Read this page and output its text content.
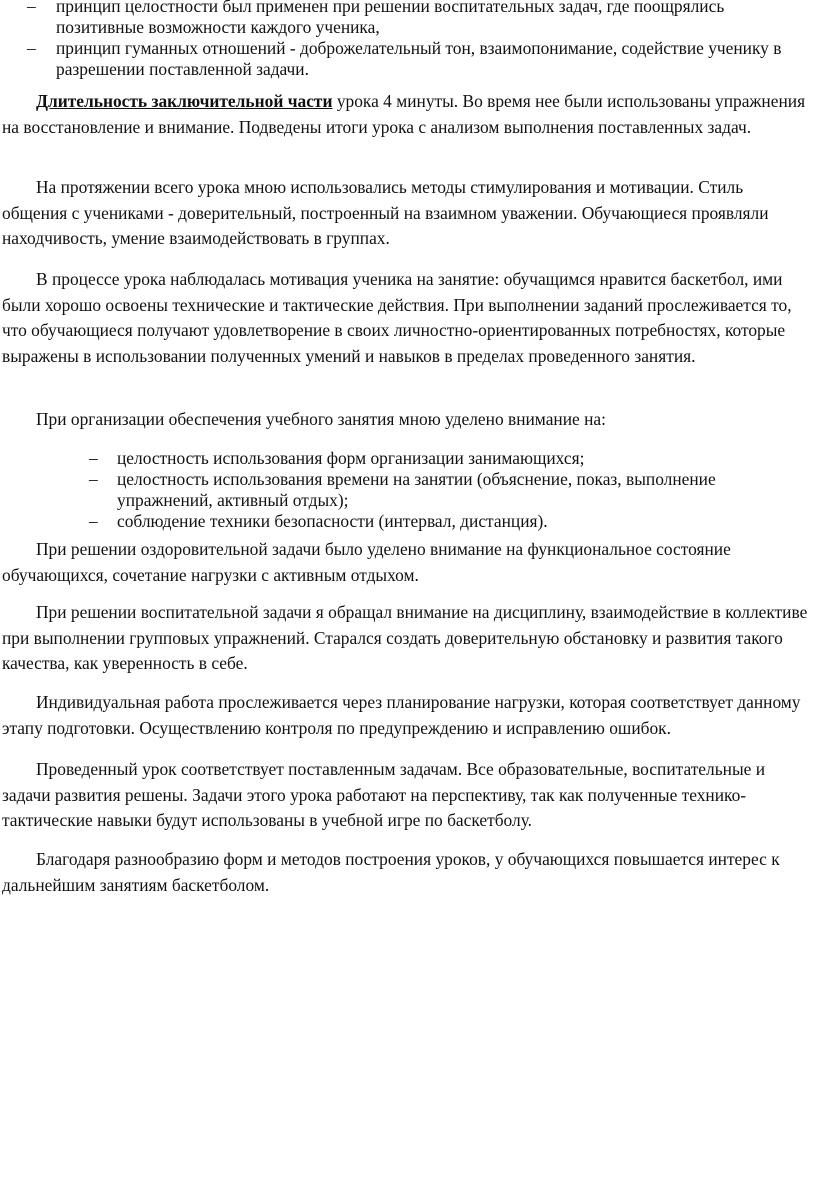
– принцип целостности был применен при решении воспитательных задач, где поощрялись позитивные возможности каждого ученика,
– принцип гуманных отношений - доброжелательный тон, взаимопонимание, содействие ученику в разрешении поставленной задачи.

Длительность заключительной части урока 4 минуты. Во время нее были использованы упражнения на восстановление и внимание. Подведены итоги урока с анализом выполнения поставленных задач.

На протяжении всего урока мною использовались методы стимулирования и мотивации. Стиль общения с учениками - доверительный, построенный на взаимном уважении. Обучающиеся проявляли находчивость, умение взаимодействовать в группах.

В процессе урока наблюдалась мотивация ученика на занятие: обучащимся нравится баскетбол, ими были хорошо освоены технические и тактические действия. При выполнении заданий прослеживается то, что обучающиеся получают удовлетворение в своих личностно-ориентированных потребностях, которые выражены в использовании полученных умений и навыков в пределах проведенного занятия.

При организации обеспечения учебного занятия мною уделено внимание на:

– целостность использования форм организации занимающихся;
– целостность использования времени на занятии (объяснение, показ, выполнение упражнений, активный отдых);
– соблюдение техники безопасности (интервал, дистанция).

При решении оздоровительной задачи было уделено внимание на функциональное состояние обучающихся, сочетание нагрузки с активным отдыхом.

При решении воспитательной задачи я обращал внимание на дисциплину, взаимодействие в коллективе при выполнении групповых упражнений. Старался создать доверительную обстановку и развития такого качества, как уверенность в себе.

Индивидуальная работа прослеживается через планирование нагрузки, которая соответствует данному этапу подготовки. Осуществлению контроля по предупреждению и исправлению ошибок.

Проведенный урок соответствует поставленным задачам. Все образовательные, воспитательные и задачи развития решены. Задачи этого урока работают на перспективу, так как полученные технико-тактические навыки будут использованы в учебной игре по баскетболу.

Благодаря разнообразию форм и методов построения уроков, у обучающихся повышается интерес к дальнейшим занятиям баскетболом.
